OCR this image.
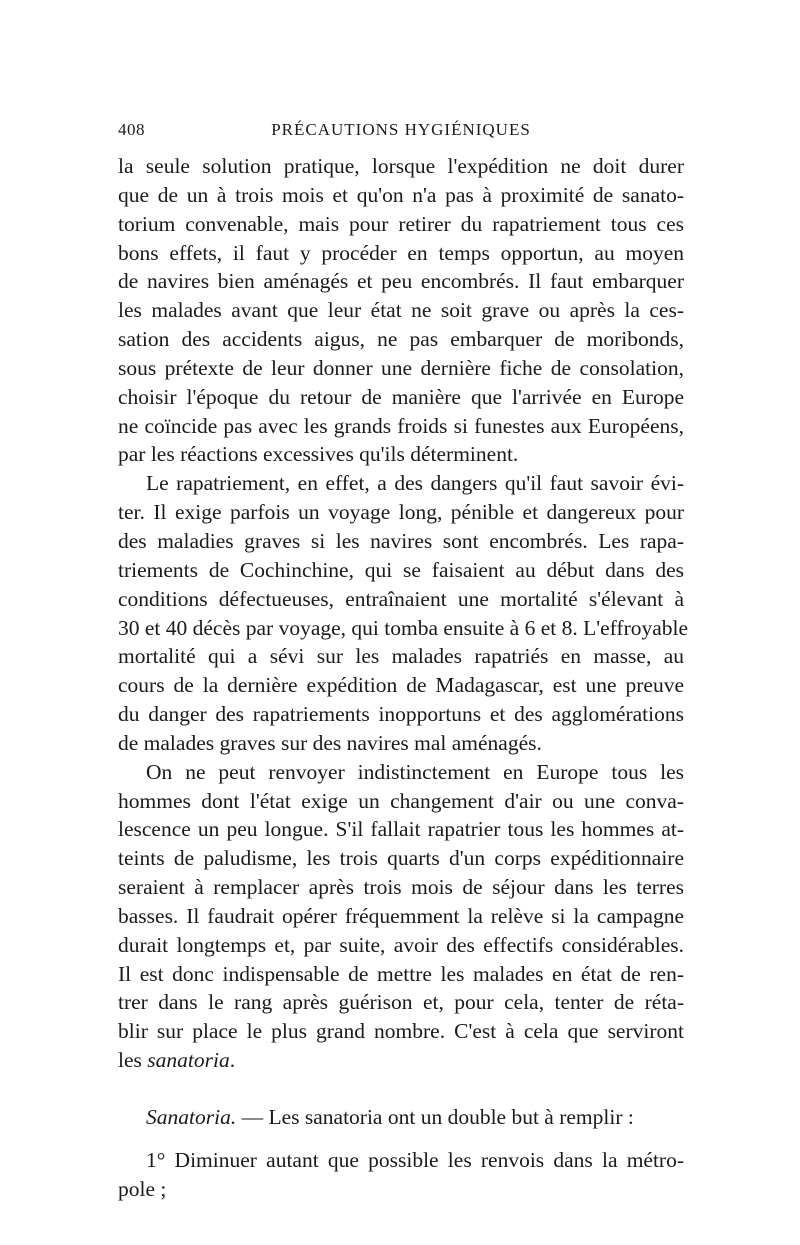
408	PRÉCAUTIONS HYGIÉNIQUES
la seule solution pratique, lorsque l'expédition ne doit durer
que de un à trois mois et qu'on n'a pas à proximité de sanato-
torium convenable, mais pour retirer du rapatriement tous ces
bons effets, il faut y procéder en temps opportun, au moyen
de navires bien aménagés et peu encombrés. Il faut embarquer
les malades avant que leur état ne soit grave ou après la ces-
sation des accidents aigus, ne pas embarquer de moribonds,
sous prétexte de leur donner une dernière fiche de consolation,
choisir l'époque du retour de manière que l'arrivée en Europe
ne coïncide pas avec les grands froids si funestes aux Européens,
par les réactions excessives qu'ils déterminent.
Le rapatriement, en effet, a des dangers qu'il faut savoir évi-
ter. Il exige parfois un voyage long, pénible et dangereux pour
des maladies graves si les navires sont encombrés. Les rapa-
triements de Cochinchine, qui se faisaient au début dans des
conditions défectueuses, entraînaient une mortalité s'élevant à
30 et 40 décès par voyage, qui tomba ensuite à 6 et 8. L'effroyable
mortalité qui a sévi sur les malades rapatriés en masse, au
cours de la dernière expédition de Madagascar, est une preuve
du danger des rapatriements inopportuns et des agglomérations
de malades graves sur des navires mal aménagés.
On ne peut renvoyer indistinctement en Europe tous les
hommes dont l'état exige un changement d'air ou une conva-
lescence un peu longue. S'il fallait rapatrier tous les hommes at-
teints de paludisme, les trois quarts d'un corps expéditionnaire
seraient à remplacer après trois mois de séjour dans les terres
basses. Il faudrait opérer fréquemment la relève si la campagne
durait longtemps et, par suite, avoir des effectifs considérables.
Il est donc indispensable de mettre les malades en état de ren-
trer dans le rang après guérison et, pour cela, tenter de réta-
blir sur place le plus grand nombre. C'est à cela que serviront
les sanatoria.
Sanatoria. — Les sanatoria ont un double but à remplir :
1° Diminuer autant que possible les renvois dans la métro-
pole ;
